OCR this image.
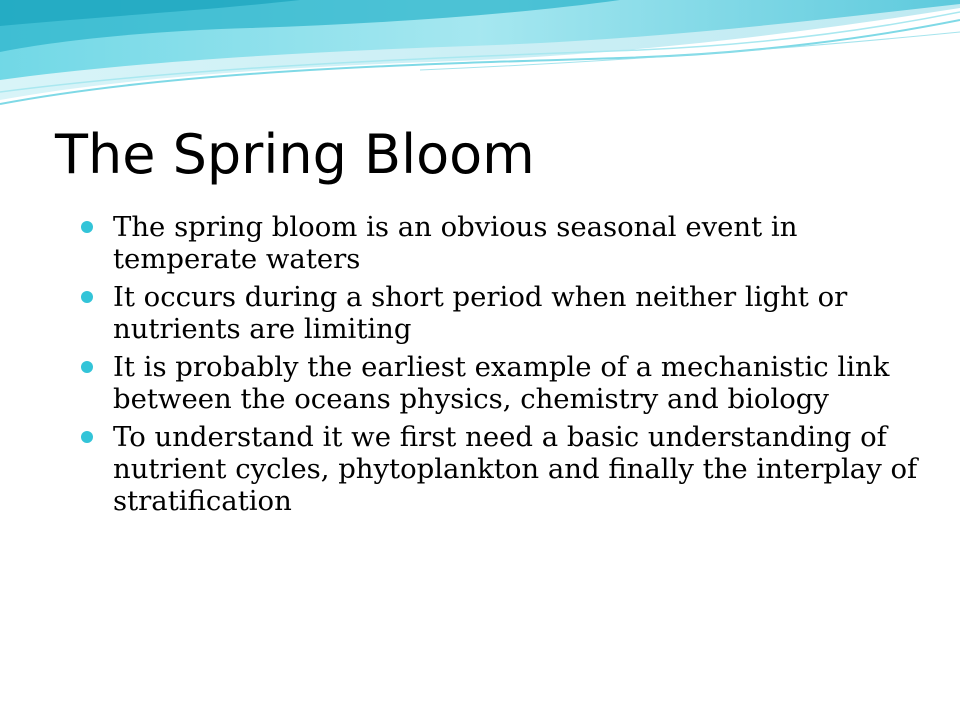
The Spring Bloom
The spring bloom is an obvious seasonal event in temperate waters
It occurs during a short period when neither light or nutrients are limiting
It is probably the earliest example of a mechanistic link between the oceans physics, chemistry and biology
To understand it we first need a basic understanding of nutrient cycles, phytoplankton and finally the interplay of stratification
